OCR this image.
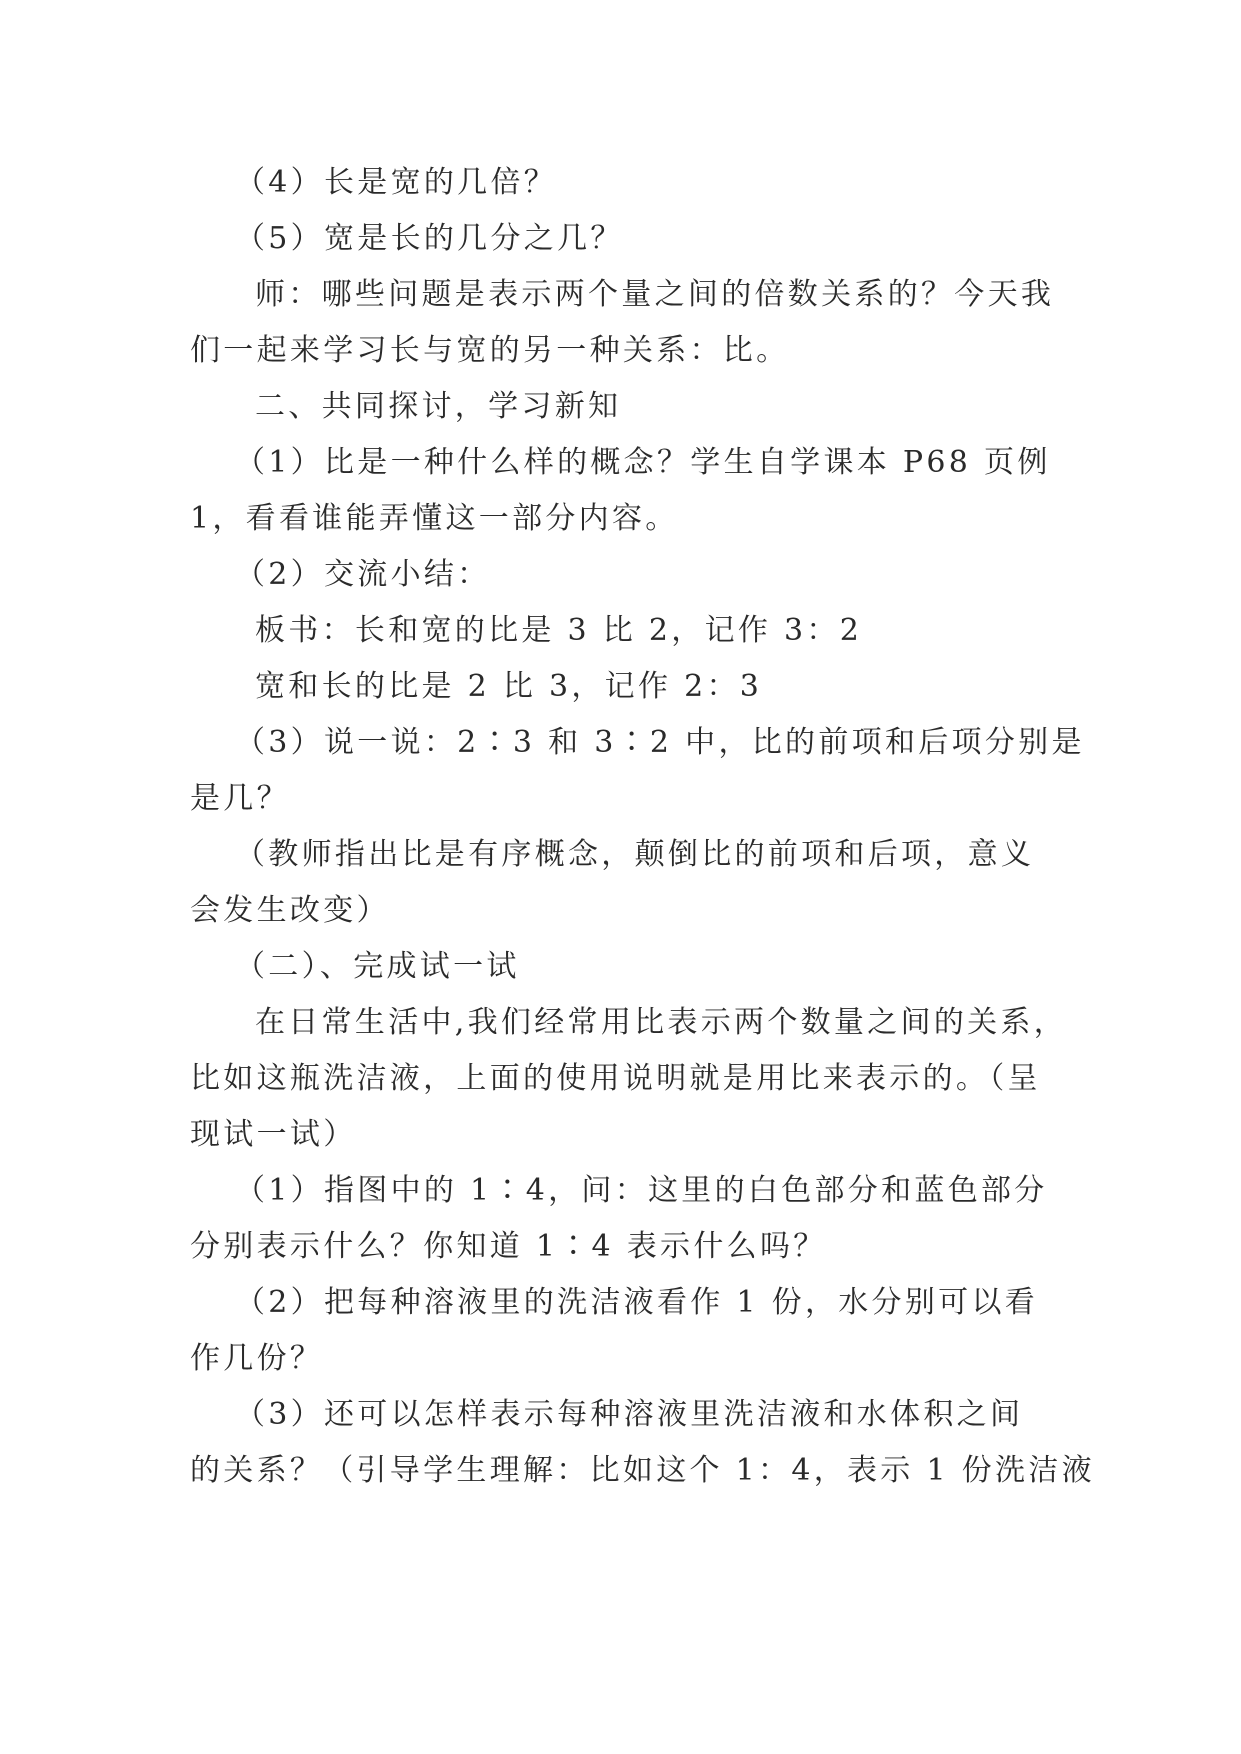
（4）长是宽的几倍？
（5）宽是长的几分之几？
师：哪些问题是表示两个量之间的倍数关系的？今天我
们一起来学习长与宽的另一种关系：比。
二、共同探讨，学习新知
（1）比是一种什么样的概念？学生自学课本 P68 页例
1，看看谁能弄懂这一部分内容。
（2）交流小结：
板书：长和宽的比是 3 比 2，记作 3：2
宽和长的比是 2 比 3，记作 2：3
（3）说一说：2∶3 和 3∶2 中，比的前项和后项分别是
是几？
（教师指出比是有序概念，颠倒比的前项和后项，意义
会发生改变）
（二）、完成试一试
在日常生活中,我们经常用比表示两个数量之间的关系，
比如这瓶洗洁液，上面的使用说明就是用比来表示的。（呈
现试一试）
（1）指图中的 1∶4，问：这里的白色部分和蓝色部分
分别表示什么？你知道 1∶4 表示什么吗？
（2）把每种溶液里的洗洁液看作 1 份，水分别可以看
作几份？
（3）还可以怎样表示每种溶液里洗洁液和水体积之间
的关系？（引导学生理解：比如这个 1：4，表示 1 份洗洁液
